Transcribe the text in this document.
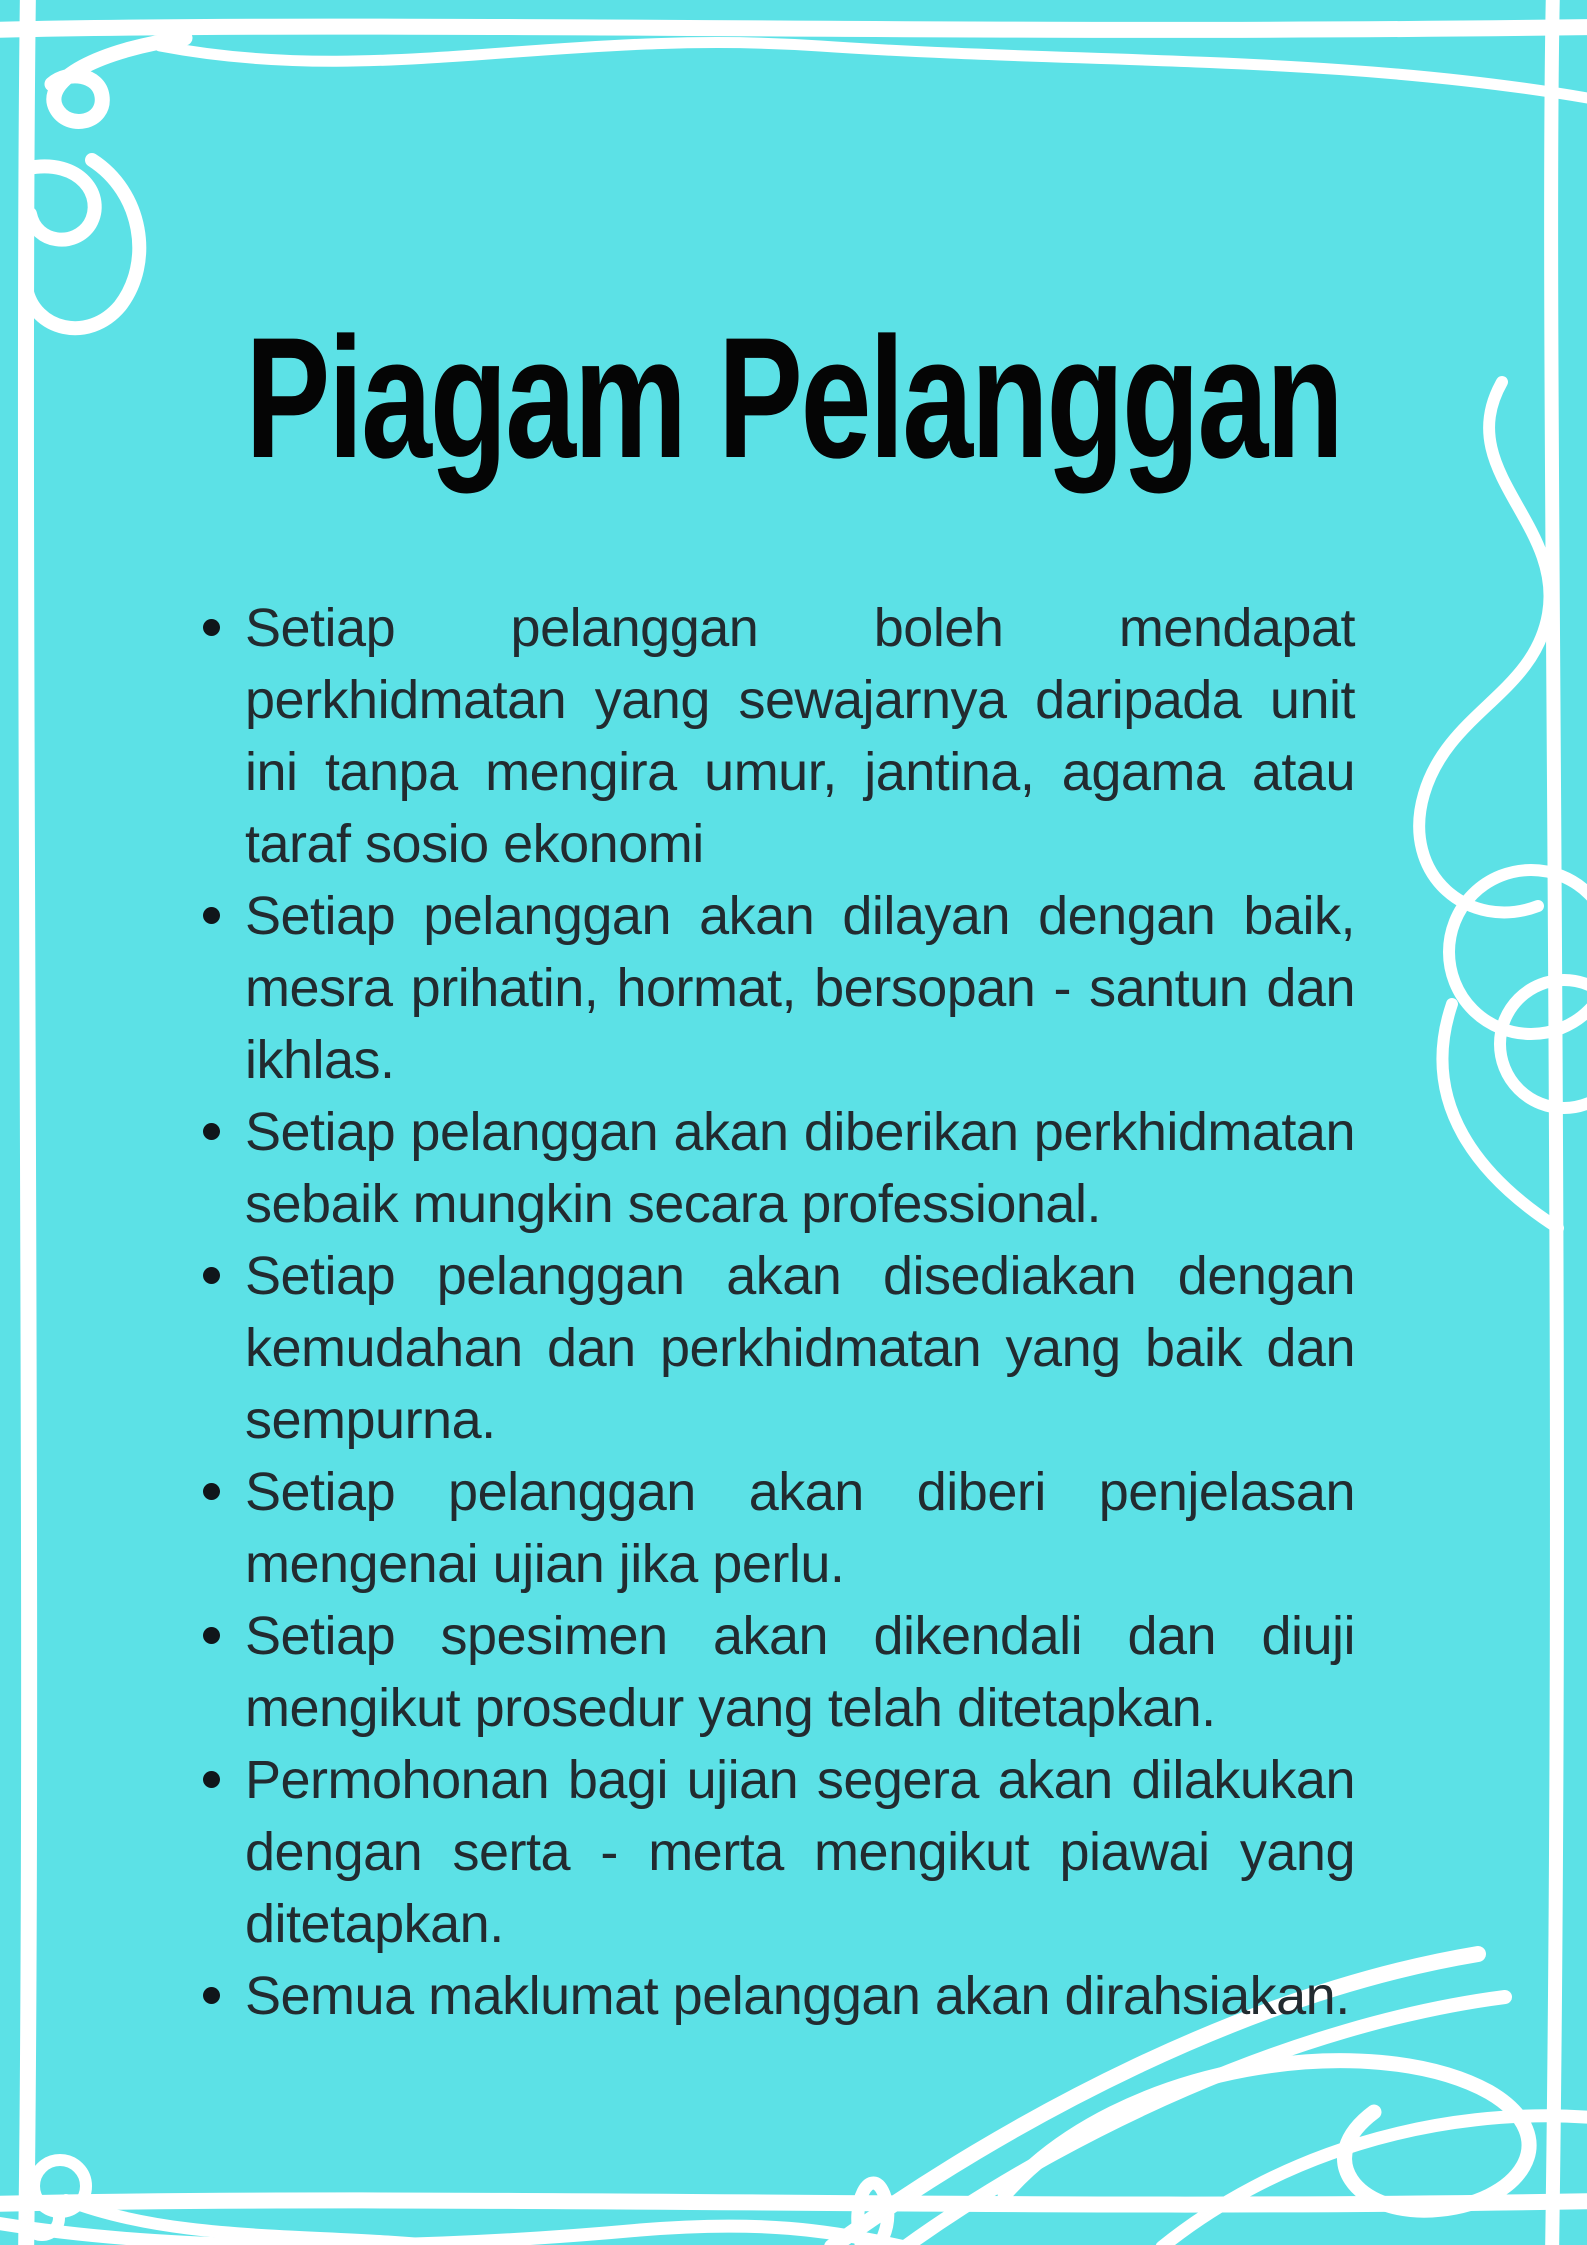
Piagam Pelanggan
Setiap pelanggan boleh mendapat perkhidmatan yang sewajarnya daripada unit ini tanpa mengira umur, jantina, agama atau taraf sosio ekonomi
Setiap pelanggan akan dilayan dengan baik, mesra prihatin, hormat, bersopan - santun dan ikhlas.
Setiap pelanggan akan diberikan perkhidmatan sebaik mungkin secara professional.
Setiap pelanggan akan disediakan dengan kemudahan dan perkhidmatan yang baik dan sempurna.
Setiap pelanggan akan diberi penjelasan mengenai ujian jika perlu.
Setiap spesimen akan dikendali dan diuji mengikut prosedur yang telah ditetapkan.
Permohonan bagi ujian segera akan dilakukan dengan serta - merta mengikut piawai yang ditetapkan.
Semua maklumat pelanggan akan dirahsiakan.
